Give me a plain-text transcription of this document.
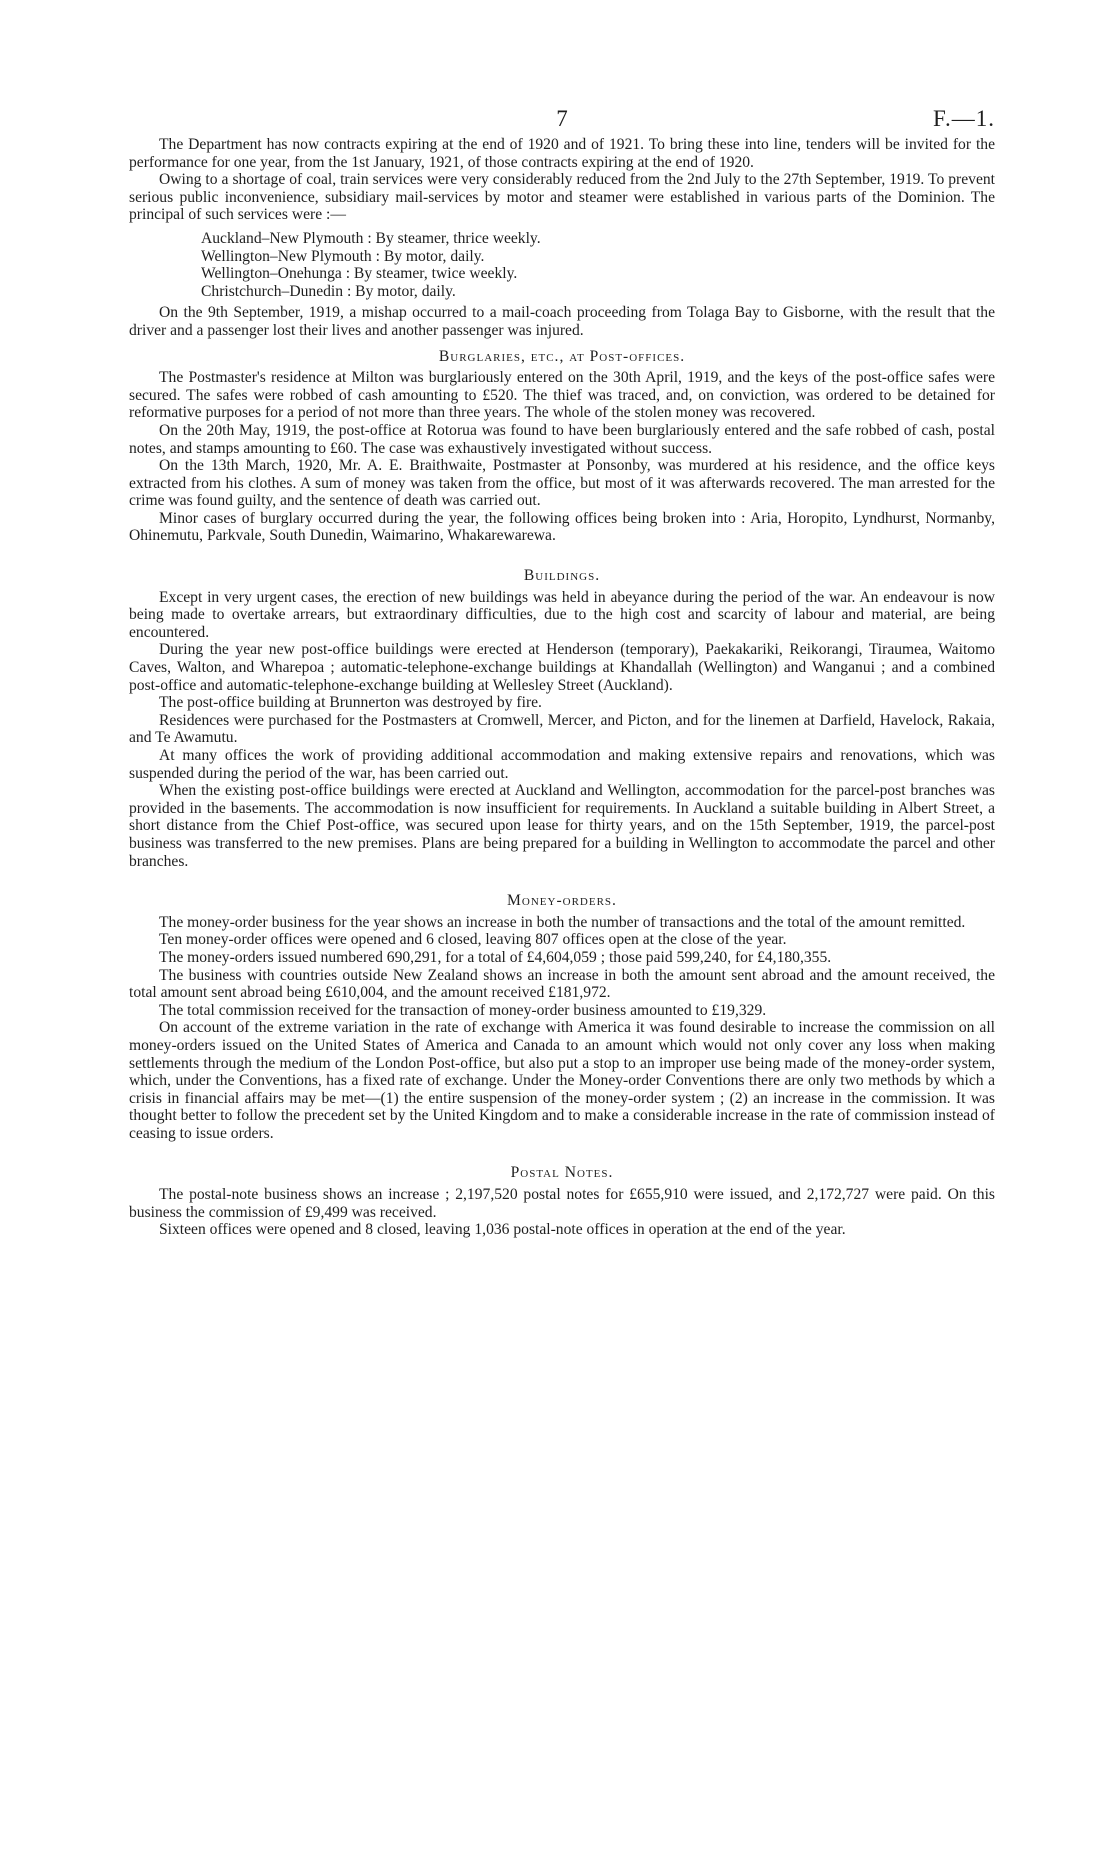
7	F.—1.

The Department has now contracts expiring at the end of 1920 and of 1921. To bring these into line, tenders will be invited for the performance for one year, from the 1st January, 1921, of those contracts expiring at the end of 1920.

Owing to a shortage of coal, train services were very considerably reduced from the 2nd July to the 27th September, 1919. To prevent serious public inconvenience, subsidiary mail-services by motor and steamer were established in various parts of the Dominion. The principal of such services were :—

Auckland–New Plymouth : By steamer, thrice weekly.
Wellington–New Plymouth : By motor, daily.
Wellington–Onehunga : By steamer, twice weekly.
Christchurch–Dunedin : By motor, daily.

On the 9th September, 1919, a mishap occurred to a mail-coach proceeding from Tolaga Bay to Gisborne, with the result that the driver and a passenger lost their lives and another passenger was injured.

Burglaries, etc., at Post-offices.

The Postmaster's residence at Milton was burglariously entered on the 30th April, 1919, and the keys of the post-office safes were secured. The safes were robbed of cash amounting to £520. The thief was traced, and, on conviction, was ordered to be detained for reformative purposes for a period of not more than three years. The whole of the stolen money was recovered.

On the 20th May, 1919, the post-office at Rotorua was found to have been burglariously entered and the safe robbed of cash, postal notes, and stamps amounting to £60. The case was exhaustively investigated without success.

On the 13th March, 1920, Mr. A. E. Braithwaite, Postmaster at Ponsonby, was murdered at his residence, and the office keys extracted from his clothes. A sum of money was taken from the office, but most of it was afterwards recovered. The man arrested for the crime was found guilty, and the sentence of death was carried out.

Minor cases of burglary occurred during the year, the following offices being broken into : Aria, Horopito, Lyndhurst, Normanby, Ohinemutu, Parkvale, South Dunedin, Waimarino, Whakarewarewa.

Buildings.

Except in very urgent cases, the erection of new buildings was held in abeyance during the period of the war. An endeavour is now being made to overtake arrears, but extraordinary difficulties, due to the high cost and scarcity of labour and material, are being encountered.

During the year new post-office buildings were erected at Henderson (temporary), Paekakariki, Reikorangi, Tiraumea, Waitomo Caves, Walton, and Wharepoa ; automatic-telephone-exchange buildings at Khandallah (Wellington) and Wanganui ; and a combined post-office and automatic-telephone-exchange building at Wellesley Street (Auckland).

The post-office building at Brunnerton was destroyed by fire.

Residences were purchased for the Postmasters at Cromwell, Mercer, and Picton, and for the linemen at Darfield, Havelock, Rakaia, and Te Awamutu.

At many offices the work of providing additional accommodation and making extensive repairs and renovations, which was suspended during the period of the war, has been carried out.

When the existing post-office buildings were erected at Auckland and Wellington, accommodation for the parcel-post branches was provided in the basements. The accommodation is now insufficient for requirements. In Auckland a suitable building in Albert Street, a short distance from the Chief Post-office, was secured upon lease for thirty years, and on the 15th September, 1919, the parcel-post business was transferred to the new premises. Plans are being prepared for a building in Wellington to accommodate the parcel and other branches.

Money-orders.

The money-order business for the year shows an increase in both the number of transactions and the total of the amount remitted.

Ten money-order offices were opened and 6 closed, leaving 807 offices open at the close of the year.

The money-orders issued numbered 690,291, for a total of £4,604,059 ; those paid 599,240, for £4,180,355.

The business with countries outside New Zealand shows an increase in both the amount sent abroad and the amount received, the total amount sent abroad being £610,004, and the amount received £181,972.

The total commission received for the transaction of money-order business amounted to £19,329.

On account of the extreme variation in the rate of exchange with America it was found desirable to increase the commission on all money-orders issued on the United States of America and Canada to an amount which would not only cover any loss when making settlements through the medium of the London Post-office, but also put a stop to an improper use being made of the money-order system, which, under the Conventions, has a fixed rate of exchange. Under the Money-order Conventions there are only two methods by which a crisis in financial affairs may be met—(1) the entire suspension of the money-order system ; (2) an increase in the commission. It was thought better to follow the precedent set by the United Kingdom and to make a considerable increase in the rate of commission instead of ceasing to issue orders.

Postal Notes.

The postal-note business shows an increase ; 2,197,520 postal notes for £655,910 were issued, and 2,172,727 were paid. On this business the commission of £9,499 was received.

Sixteen offices were opened and 8 closed, leaving 1,036 postal-note offices in operation at the end of the year.
